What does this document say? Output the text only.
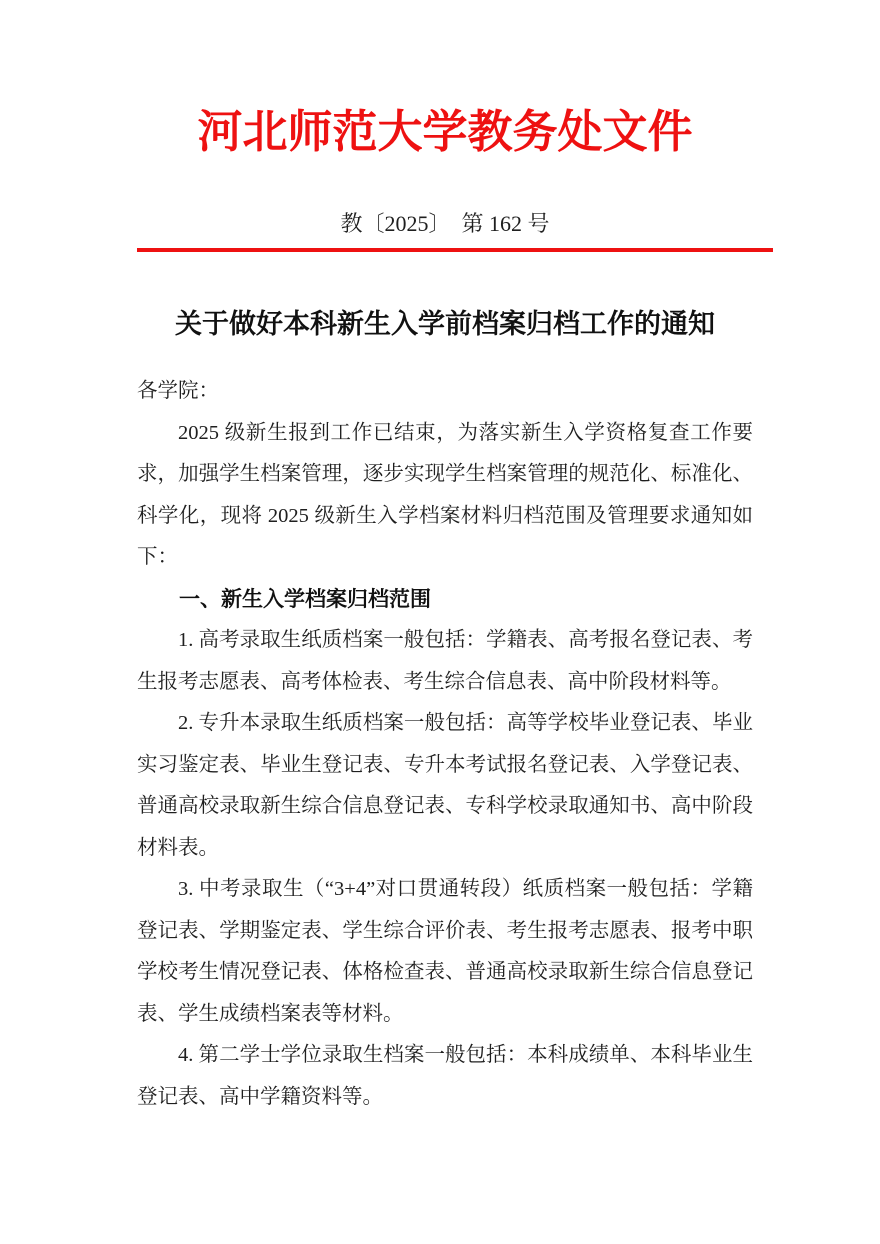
河北师范大学教务处文件
教〔2025〕　第 162 号
关于做好本科新生入学前档案归档工作的通知

各学院：

2025 级新生报到工作已结束，为落实新生入学资格复查工作要求，加强学生档案管理，逐步实现学生档案管理的规范化、标准化、科学化，现将 2025 级新生入学档案材料归档范围及管理要求通知如下：

一、新生入学档案归档范围

1. 高考录取生纸质档案一般包括：学籍表、高考报名登记表、考生报考志愿表、高考体检表、考生综合信息表、高中阶段材料等。

2. 专升本录取生纸质档案一般包括：高等学校毕业登记表、毕业实习鉴定表、毕业生登记表、专升本考试报名登记表、入学登记表、普通高校录取新生综合信息登记表、专科学校录取通知书、高中阶段材料表。

3. 中考录取生（“3+4”对口贯通转段）纸质档案一般包括：学籍登记表、学期鉴定表、学生综合评价表、考生报考志愿表、报考中职学校考生情况登记表、体格检查表、普通高校录取新生综合信息登记表、学生成绩档案表等材料。

4. 第二学士学位录取生档案一般包括：本科成绩单、本科毕业生登记表、高中学籍资料等。
